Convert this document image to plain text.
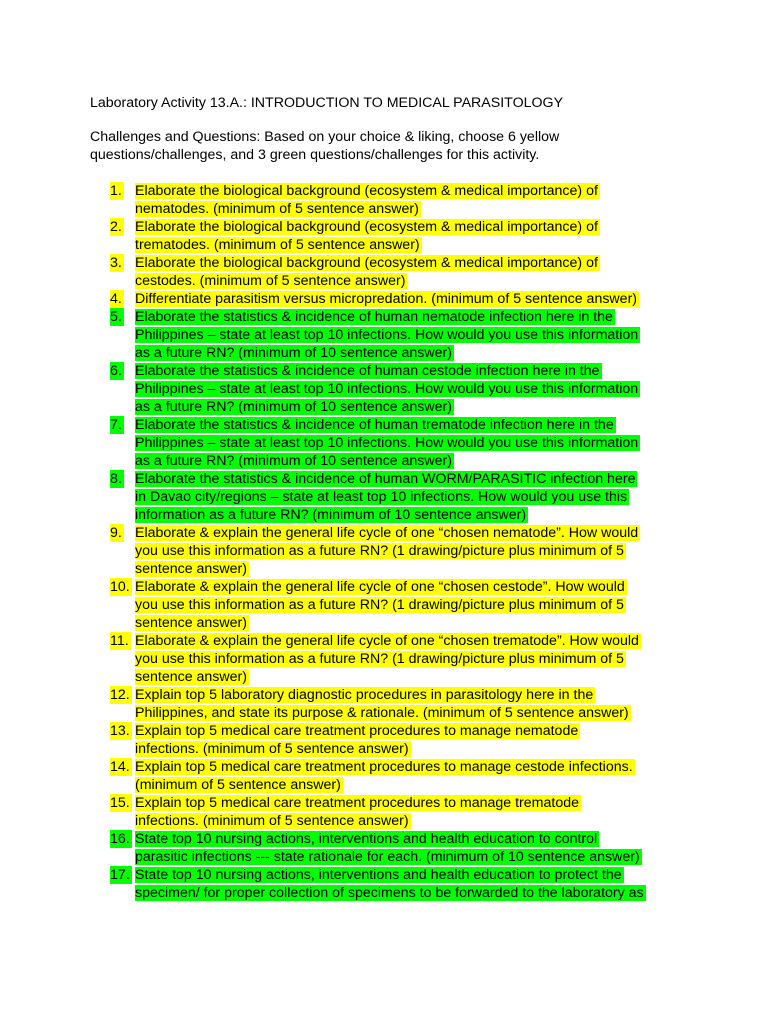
Laboratory Activity 13.A.: INTRODUCTION TO MEDICAL PARASITOLOGY
Challenges and Questions: Based on your choice & liking, choose 6 yellow
questions/challenges, and 3 green questions/challenges for this activity.
1. Elaborate the biological background (ecosystem & medical importance) of
nematodes. (minimum of 5 sentence answer)
2. Elaborate the biological background (ecosystem & medical importance) of
trematodes. (minimum of 5 sentence answer)
3. Elaborate the biological background (ecosystem & medical importance) of
cestodes. (minimum of 5 sentence answer)
4. Differentiate parasitism versus micropredation. (minimum of 5 sentence answer)
5. Elaborate the statistics & incidence of human nematode infection here in the
Philippines – state at least top 10 infections. How would you use this information
as a future RN? (minimum of 10 sentence answer)
6. Elaborate the statistics & incidence of human cestode infection here in the
Philippines – state at least top 10 infections. How would you use this information
as a future RN? (minimum of 10 sentence answer)
7. Elaborate the statistics & incidence of human trematode infection here in the
Philippines – state at least top 10 infections. How would you use this information
as a future RN? (minimum of 10 sentence answer)
8. Elaborate the statistics & incidence of human WORM/PARASITIC infection here
in Davao city/regions – state at least top 10 infections. How would you use this
information as a future RN? (minimum of 10 sentence answer)
9. Elaborate & explain the general life cycle of one “chosen nematode”. How would
you use this information as a future RN? (1 drawing/picture plus minimum of 5
sentence answer)
10. Elaborate & explain the general life cycle of one “chosen cestode”. How would
you use this information as a future RN? (1 drawing/picture plus minimum of 5
sentence answer)
11. Elaborate & explain the general life cycle of one “chosen trematode”. How would
you use this information as a future RN? (1 drawing/picture plus minimum of 5
sentence answer)
12. Explain top 5 laboratory diagnostic procedures in parasitology here in the
Philippines, and state its purpose & rationale. (minimum of 5 sentence answer)
13. Explain top 5 medical care treatment procedures to manage nematode
infections. (minimum of 5 sentence answer)
14. Explain top 5 medical care treatment procedures to manage cestode infections.
(minimum of 5 sentence answer)
15. Explain top 5 medical care treatment procedures to manage trematode
infections. (minimum of 5 sentence answer)
16. State top 10 nursing actions, interventions and health education to control
parasitic infections --- state rationale for each. (minimum of 10 sentence answer)
17. State top 10 nursing actions, interventions and health education to protect the
specimen/ for proper collection of specimens to be forwarded to the laboratory as
